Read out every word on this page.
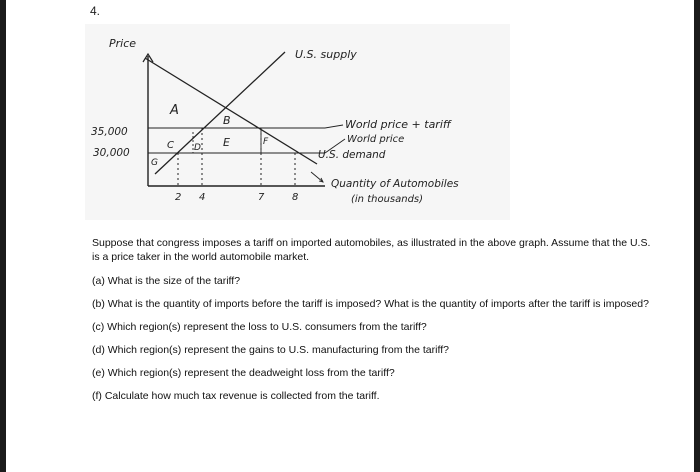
4.
Price
U.S. supply
World price + tariff
World price
U.S. demand
Quantity of Automobiles
(in thousands)
35,000
30,000
2 4	7	8
A
B
C D E	F
G

Suppose that congress imposes a tariff on imported automobiles, as illustrated in the above graph. Assume that the U.S. is a price taker in the world automobile market.

(a) What is the size of the tariff?

(b) What is the quantity of imports before the tariff is imposed? What is the quantity of imports after the tariff is imposed?

(c) Which region(s) represent the loss to U.S. consumers from the tariff?

(d) Which region(s) represent the gains to U.S. manufacturing from the tariff?

(e) Which region(s) represent the deadweight loss from the tariff?

(f) Calculate how much tax revenue is collected from the tariff.
